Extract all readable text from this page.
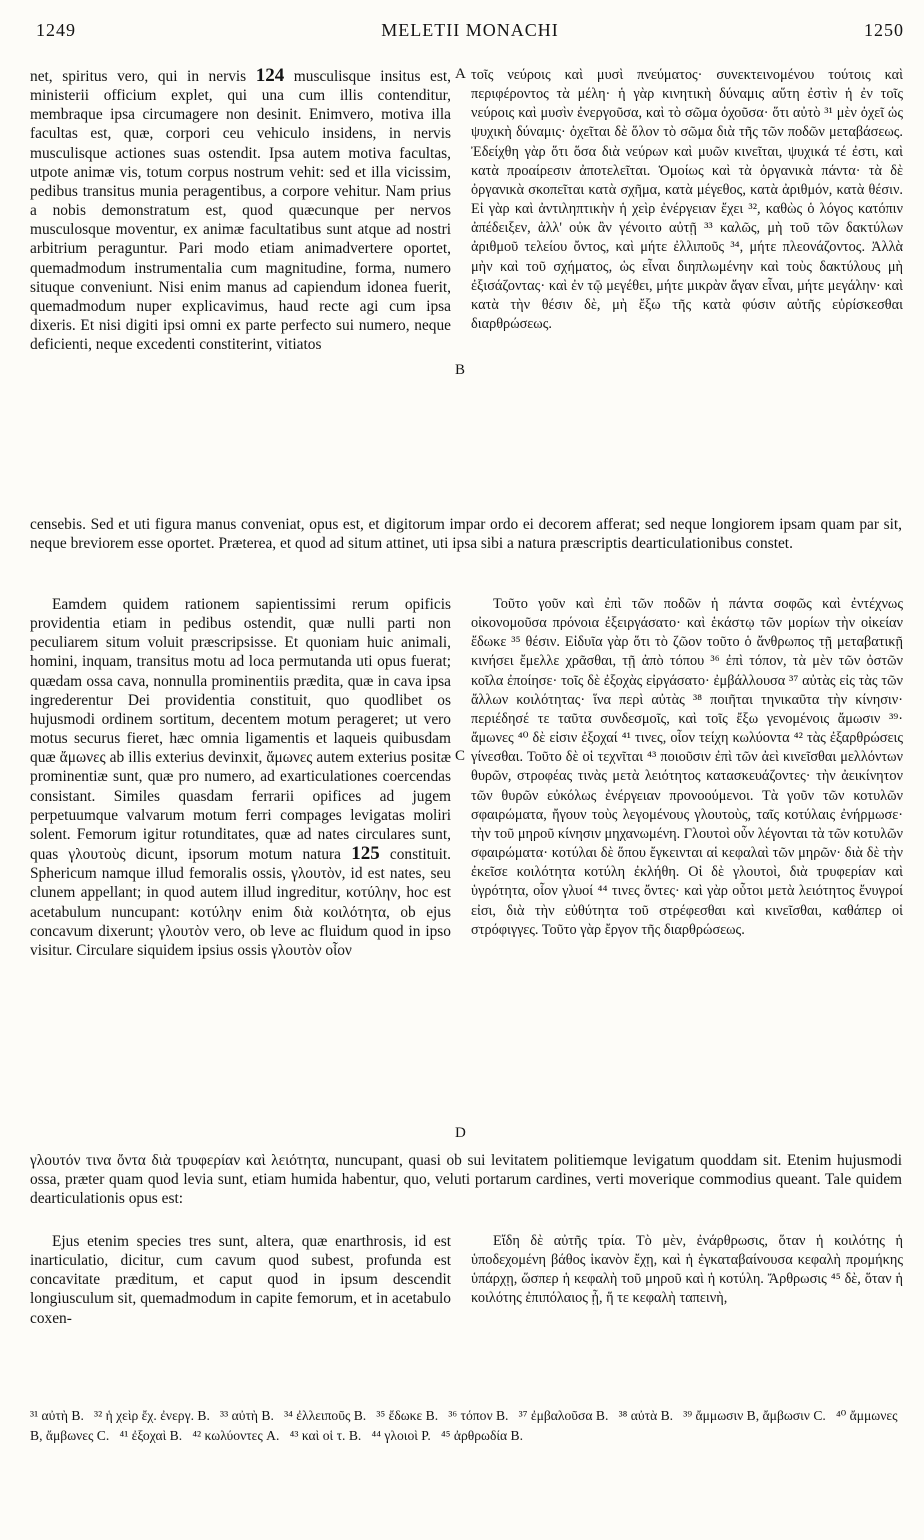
1249	MELETII MONACHI	1250

net, spiritus vero, qui in nervis 124 musculisque insitus est, ministerii officium explet, qui una cum illis contenditur, membraque ipsa circumagere non desinit. Enimvero, motiva illa facultas est, quæ, corpori ceu vehiculo insidens, in nervis musculisque actiones suas ostendit. Ipsa autem motiva facultas, utpote animæ vis, totum corpus nostrum vehit: sed et illa vicissim, pedibus transitus munia peragentibus, a corpore vehitur. Nam prius a nobis demonstratum est, quod quæcunque per nervos musculosque moventur, ex animæ facultatibus sunt atque ad nostri arbitrium peraguntur. Pari modo etiam animadvertere oportet, quemadmodum instrumentalia cum magnitudine, forma, numero situque conveniunt. Nisi enim manus ad capiendum idonea fuerit, quemadmodum nuper explicavimus, haud recte agi cum ipsa dixeris. Et nisi digiti ipsi omni ex parte perfecto sui numero, neque deficienti, neque excedenti constiterint, vitiatos

τοῖς νεύροις καὶ μυσὶ πνεύματος· συνεκτεινομένου τούτοις καὶ περιφέροντος τὰ μέλη· ἡ γὰρ κινητικὴ δύναμις αὕτη ἐστὶν ἡ ἐν τοῖς νεύροις καὶ μυσὶν ἐνεργοῦσα, καὶ τὸ σῶμα ὀχοῦσα· ὅτι αὐτὸ ³¹ μὲν ὀχεῖ ὡς ψυχικὴ δύναμις· ὀχεῖται δὲ ὅλον τὸ σῶμα διὰ τῆς τῶν ποδῶν μεταβάσεως. Ἐδείχθη γὰρ ὅτι ὅσα διὰ νεύρων καὶ μυῶν κινεῖται, ψυχικά τέ ἐστι, καὶ κατὰ προαίρεσιν ἀποτελεῖται. Ὁμοίως καὶ τὰ ὀργανικὰ πάντα· τὰ δὲ ὀργανικὰ σκοπεῖται κατὰ σχῆμα, κατὰ μέγεθος, κατὰ ἀριθμόν, κατὰ θέσιν. Εἰ γὰρ καὶ ἀντιληπτικὴν ἡ χεὶρ ἐνέργειαν ἔχει ³², καθὼς ὁ λόγος κατόπιν ἀπέδειξεν, ἀλλ' οὐκ ἂν γένοιτο αὐτῇ ³³ καλῶς, μὴ τοῦ τῶν δακτύλων ἀριθμοῦ τελείου ὄντος, καὶ μήτε ἐλλιποῦς ³⁴, μήτε πλεονάζοντος. Ἀλλὰ μὴν καὶ τοῦ σχήματος, ὡς εἶναι διηπλωμένην καὶ τοὺς δακτύλους μὴ ἐξισάζοντας· καὶ ἐν τῷ μεγέθει, μήτε μικρὰν ἄγαν εἶναι, μήτε μεγάλην· καὶ κατὰ τὴν θέσιν δὲ, μὴ ἔξω τῆς κατὰ φύσιν αὐτῆς εὑρίσκεσθαι διαρθρώσεως.

A
B

censebis. Sed et uti figura manus conveniat, opus est, et digitorum impar ordo ei decorem afferat; sed neque longiorem ipsam quam par sit, neque breviorem esse oportet. Præterea, et quod ad situm attinet, uti ipsa sibi a natura præscriptis dearticulationibus constet.

Eamdem quidem rationem sapientissimi rerum opificis providentia etiam in pedibus ostendit, quæ nulli parti non peculiarem situm voluit præscripsisse. Et quoniam huic animali, homini, inquam, transitus motu ad loca permutanda uti opus fuerat; quædam ossa cava, nonnulla prominentiis prædita, quæ in cava ipsa ingrederentur Dei providentia constituit, quo quodlibet os hujusmodi ordinem sortitum, decentem motum perageret; ut vero motus securus fieret, hæc omnia ligamentis et laqueis quibusdam quæ ἄμωνες ab illis exterius devinxit, ἄμωνες autem exterius positæ prominentiæ sunt, quæ pro numero, ad exarticulationes coercendas consistant. Similes quasdam ferrarii opifices ad jugem perpetuumque valvarum motum ferri compages levigatas moliri solent. Femorum igitur rotunditates, quæ ad nates circulares sunt, quas γλουτοὺς dicunt, ipsorum motum natura 125 constituit. Sphericum namque illud femoralis ossis, γλουτὸν, id est nates, seu clunem appellant; in quod autem illud ingreditur, κοτύλην, hoc est acetabulum nuncupant: κοτύλην enim διὰ κοιλότητα, ob ejus concavum dixerunt; γλουτὸν vero, ob leve ac fluidum quod in ipso visitur. Circulare siquidem ipsius ossis γλουτὸν οἷον

Τοῦτο γοῦν καὶ ἐπὶ τῶν ποδῶν ἡ πάντα σοφῶς καὶ ἐντέχνως οἰκονομοῦσα πρόνοια ἐξειργάσατο· καὶ ἑκάστῳ τῶν μορίων τὴν οἰκείαν ἔδωκε ³⁵ θέσιν. Εἰδυῖα γὰρ ὅτι τὸ ζῶον τοῦτο ὁ ἄνθρωπος τῇ μεταβατικῇ κινήσει ἔμελλε χρᾶσθαι, τῇ ἀπὸ τόπου ³⁶ ἐπὶ τόπον, τὰ μὲν τῶν ὀστῶν κοῖλα ἐποίησε· τοῖς δὲ ἐξοχὰς εἰργάσατο· ἐμβάλλουσα ³⁷ αὐτὰς εἰς τὰς τῶν ἄλλων κοιλότητας· ἵνα περὶ αὐτὰς ³⁸ ποιῆται τηνικαῦτα τὴν κίνησιν· περιέδησέ τε ταῦτα συνδεσμοῖς, καὶ τοῖς ἔξω γενομένοις ἄμωσιν ³⁹· ἄμωνες ⁴⁰ δὲ εἰσιν ἐξοχαί ⁴¹ τινες, οἷον τείχη κωλύοντα ⁴² τὰς ἐξαρθρώσεις γίνεσθαι. Τοῦτο δὲ οἱ τεχνῖται ⁴³ ποιοῦσιν ἐπὶ τῶν ἀεὶ κινεῖσθαι μελλόντων θυρῶν, στροφέας τινὰς μετὰ λειότητος κατασκευάζοντες· τὴν ἀεικίνητον τῶν θυρῶν εὐκόλως ἐνέργειαν προνοούμενοι. Τὰ γοῦν τῶν κοτυλῶν σφαιρώματα, ἤγουν τοὺς λεγομένους γλουτοὺς, ταῖς κοτύλαις ἐνήρμωσε· τὴν τοῦ μηροῦ κίνησιν μηχανωμένη. Γλουτοὶ οὖν λέγονται τὰ τῶν κοτυλῶν σφαιρώματα· κοτύλαι δὲ ὅπου ἔγκεινται αἱ κεφαλαὶ τῶν μηρῶν· διὰ δὲ τὴν ἐκεῖσε κοιλότητα κοτύλη ἐκλήθη. Οἱ δὲ γλουτοὶ, διὰ τρυφερίαν καὶ ὑγρότητα, οἷον γλυοί ⁴⁴ τινες ὄντες· καὶ γὰρ οὗτοι μετὰ λειότητος ἔνυγροί εἰσι, διὰ τὴν εὐθύτητα τοῦ στρέφεσθαι καὶ κινεῖσθαι, καθάπερ οἱ στρόφιγγες. Τοῦτο γὰρ ἔργον τῆς διαρθρώσεως.

C
D

γλουτόν τινα ὄντα διὰ τρυφερίαν καὶ λειότητα, nuncupant, quasi ob sui levitatem politiemque levigatum quoddam sit. Etenim hujusmodi ossa, præter quam quod levia sunt, etiam humida habentur, quo, veluti portarum cardines, verti moverique commodius queant. Tale quidem dearticulationis opus est:

Ejus etenim species tres sunt, altera, quæ enarthrosis, id est inarticulatio, dicitur, cum cavum quod subest, profunda est concavitate præditum, et caput quod in ipsum descendit longiusculum sit, quemadmodum in capite femorum, et in acetabulo coxen-

Εἴδη δὲ αὐτῆς τρία. Τὸ μὲν, ἐνάρθρωσις, ὅταν ἡ κοιλότης ἡ ὑποδεχομένη βάθος ἱκανὸν ἔχῃ, καὶ ἡ ἐγκαταβαίνουσα κεφαλὴ προμήκης ὑπάρχῃ, ὥσπερ ἡ κεφαλὴ τοῦ μηροῦ καὶ ἡ κοτύλη. Ἄρθρωσις ⁴⁵ δὲ, ὅταν ἡ κοιλότης ἐπιπόλαιος ᾖ, ἥ τε κεφαλὴ ταπεινὴ,

³¹ αὐτὴ B. ³² ἡ χεὶρ ἔχ. ἐνεργ. B. ³³ αὐτὴ B. ³⁴ ἐλλειποῦς B. ³⁵ ἔδωκε B. ³⁶ τόπον B. ³⁷ ἐμβαλοῦσα B. ³⁸ αὐτὰ B. ³⁹ ἄμμωσιν B, ἄμβωσιν C. ⁴⁰ ἄμμωνες B, ἄμβωνες C. ⁴¹ ἐξοχαὶ B. ⁴² κωλύοντες A. ⁴³ καὶ οἱ τ. B. ⁴⁴ γλοιοὶ P. ⁴⁵ ἀρθρωδία B.
